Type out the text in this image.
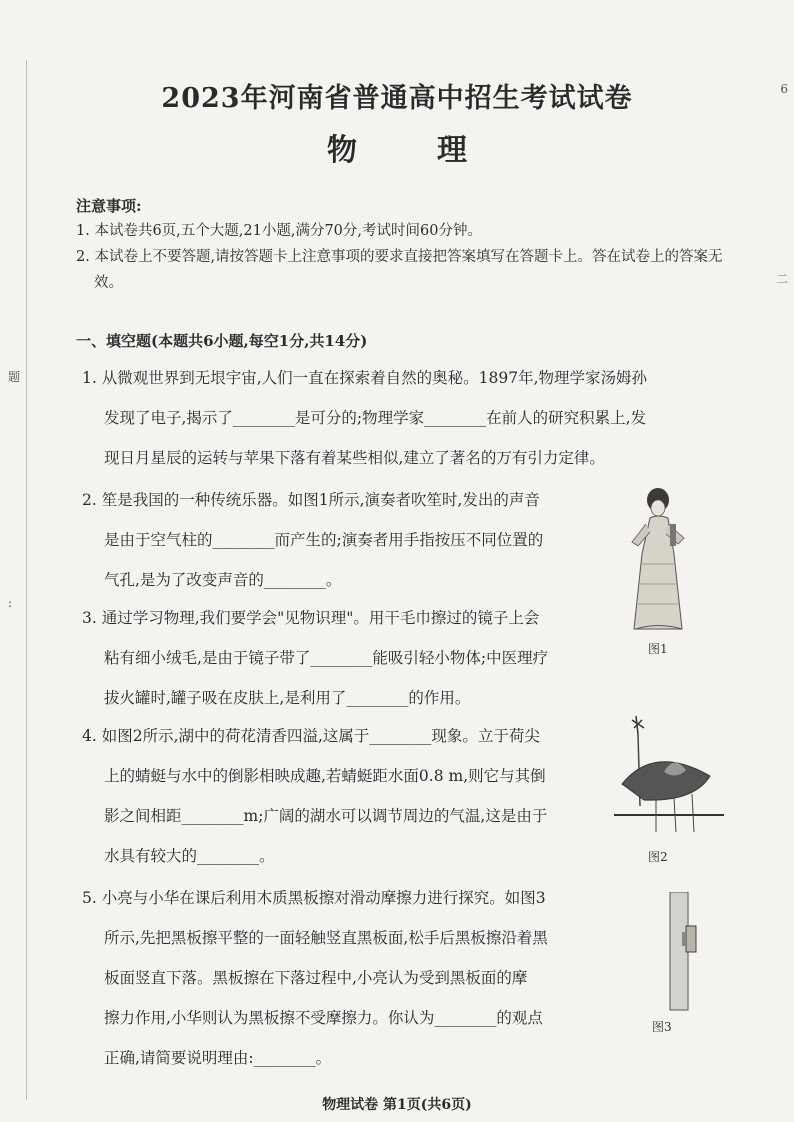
题
:
6
二
2023年河南省普通高中招生考试试卷
物理
注意事项:
1. 本试卷共6页,五个大题,21小题,满分70分,考试时间60分钟。
2. 本试卷上不要答题,请按答题卡上注意事项的要求直接把答案填写在答题卡上。答在试卷上的答案无效。
一、填空题(本题共6小题,每空1分,共14分)
1. 从微观世界到无垠宇宙,人们一直在探索着自然的奥秘。1897年,物理学家汤姆孙
发现了电子,揭示了________是可分的;物理学家________在前人的研究积累上,发
现日月星辰的运转与苹果下落有着某些相似,建立了著名的万有引力定律。
2. 笙是我国的一种传统乐器。如图1所示,演奏者吹笙时,发出的声音
是由于空气柱的________而产生的;演奏者用手指按压不同位置的
气孔,是为了改变声音的________。
3. 通过学习物理,我们要学会"见物识理"。用干毛巾擦过的镜子上会
粘有细小绒毛,是由于镜子带了________能吸引轻小物体;中医理疗
拔火罐时,罐子吸在皮肤上,是利用了________的作用。
4. 如图2所示,湖中的荷花清香四溢,这属于________现象。立于荷尖
上的蜻蜓与水中的倒影相映成趣,若蜻蜓距水面0.8 m,则它与其倒
影之间相距________m;广阔的湖水可以调节周边的气温,这是由于
水具有较大的________。
5. 小亮与小华在课后利用木质黑板擦对滑动摩擦力进行探究。如图3
所示,先把黑板擦平整的一面轻触竖直黑板面,松手后黑板擦沿着黑
板面竖直下落。黑板擦在下落过程中,小亮认为受到黑板面的摩
擦力作用,小华则认为黑板擦不受摩擦力。你认为________的观点
正确,请简要说明理由:________。
图1
图2
图3
物理试卷 第1页(共6页)
